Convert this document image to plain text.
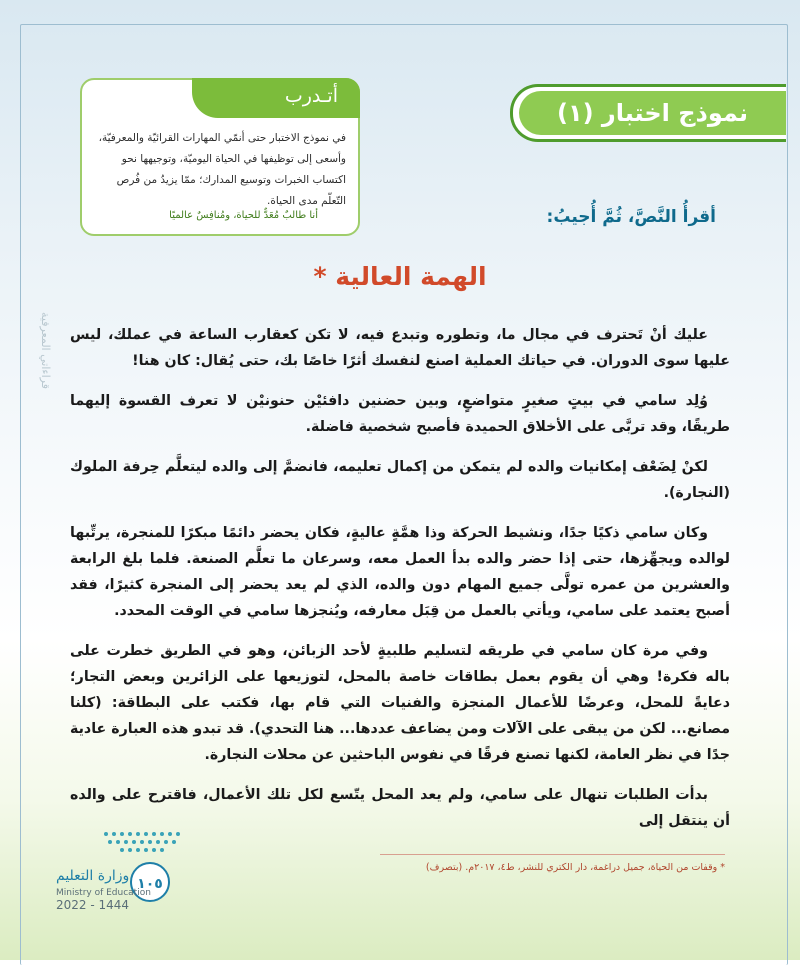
قراءاتي المعرفية
أتـدرب
في نموذج الاختبار حتى أنمّي المهارات القرائيّة والمعرفيّة، وأسعى إلى توظيفها في الحياة اليوميّة، وتوجيهها نحو اكتساب الخبرات وتوسيع المدارك؛ ممّا يزيدُ من فُرص التّعلّم مدى الحياة.
أنا طالبٌ مُعَدٌّ للحياة، ومُنافِسٌ عالميًا
نموذج اختبار (١)
أقرأُ النَّصَّ، ثُمَّ أُجيبُ:
الهمة العالية *

عليك أنْ تَحترف في مجال ما، وتطوره وتبدع فيه، لا تكن كعقارب الساعة في عملك، ليس عليها سوى الدوران. في حياتك العملية اصنع لنفسك أثرًا خاصًا بك، حتى يُقال: كان هنا!

وُلِد سامي في بيتٍ صغيرٍ متواضعٍ، وبين حضنين دافئيْن حنونيْن لا تعرف القسوة إليهما طريقًا، وقد تربَّى على الأخلاق الحميدة فأصبح شخصية فاضلة.

لكنْ لِضَعْف إمكانيات والده لم يتمكن من إكمال تعليمه، فانضمَّ إلى والده ليتعلَّم حِرفة الملوك (النجارة).

وكان سامي ذكيًا جدًا، ونشيط الحركة وذا همَّةٍ عاليةٍ، فكان يحضر دائمًا مبكرًا للمنجرة، يرتِّبها لوالده ويجهِّزها، حتى إذا حضر والده بدأ العمل معه، وسرعان ما تعلَّم الصنعة. فلما بلغ الرابعة والعشرين من عمره تولَّى جميع المهام دون والده، الذي لم يعد يحضر إلى المنجرة كثيرًا، فقد أصبح يعتمد على سامي، ويأتي بالعمل من قِبَل معارفه، ويُنجزها سامي في الوقت المحدد.

وفي مرة كان سامي في طريقه لتسليم طلبيةٍ لأحد الزبائن، وهو في الطريق خطرت على باله فكرة! وهي أن يقوم بعمل بطاقات خاصة بالمحل، لتوزيعها على الزائرين وبعض التجار؛ دعايةً للمحل، وعرضًا للأعمال المنجزة والفنيات التي قام بها، فكتب على البطاقة: (كلنا مصانع... لكن من يبقى على الآلات ومن يضاعف عددها... هنا التحدي). قد تبدو هذه العبارة عادية جدًا في نظر العامة، لكنها تصنع فرقًا في نفوس الباحثين عن محلات النجارة.

بدأت الطلبات تنهال على سامي، ولم يعد المحل يتّسع لكل تلك الأعمال، فاقترح على والده أن ينتقل إلى

* وقفات من الحياة، جميل دراغمة، دار الكتري للنشر، ط٤، ٢٠١٧م. (بتصرف)
١٠٥
وزارة التعليم
Ministry of Education
2022 - 1444
